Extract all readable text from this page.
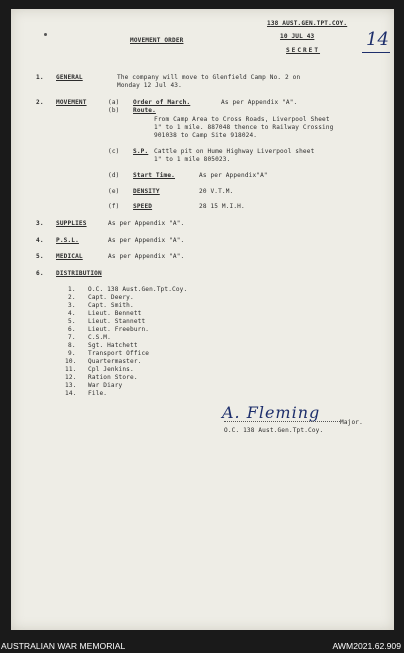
138 AUST.GEN.TPT.COY.
10 JUL 43
SECRET
14
MOVEMENT ORDER
1. GENERAL	The company will move to Glenfield Camp No. 2 on
Monday 12 Jul 43.
2. MOVEMENT	(a) Order of March.	As per Appendix "A".
(b) Route.
From Camp Area to Cross Roads, Liverpool Sheet
1" to 1 mile. 887048 thence to Railway Crossing
901038 to Camp Site 918024.
(c) S.P. Cattle pit on Hume Highway Liverpool sheet
1" to 1 mile 805023.
(d) Start Time.	As per Appendix"A"
(e) DENSITY	20 V.T.M.
(f) SPEED	28 15 M.I.H.
3. SUPPLIES	As per Appendix "A".
4. P.S.L.	As per Appendix "A".
5. MEDICAL	As per Appendix "A".
6. DISTRIBUTION
1. O.C. 138 Aust.Gen.Tpt.Coy.
2. Capt. Deery.
3. Capt. Smith.
4. Lieut. Bennett
5. Lieut. Stannett
6. Lieut. Freeburn.
7. C.S.M.
8. Sgt. Hatchett
9. Transport Office
10. Quartermaster.
11. Cpl Jenkins.
12. Ration Store.
13. War Diary
14. File.
A. Fleming
Major.
O.C. 138 Aust.Gen.Tpt.Coy.
AUSTRALIAN WAR MEMORIAL	AWM2021.62.909
